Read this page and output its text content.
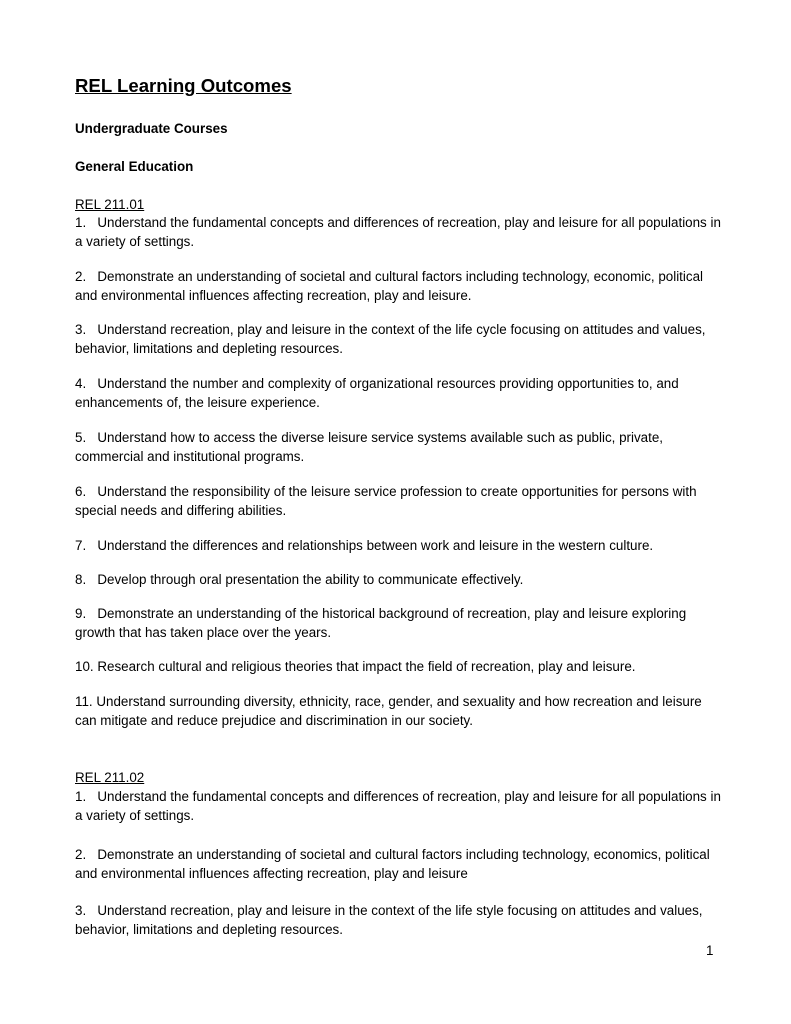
REL Learning Outcomes
Undergraduate Courses
General Education
REL 211.01

1.   Understand the fundamental concepts and differences of recreation, play and leisure for all populations in a variety of settings.

2.   Demonstrate an understanding of societal and cultural factors including technology, economic, political and environmental influences affecting recreation, play and leisure.

3.   Understand recreation, play and leisure in the context of the life cycle focusing on attitudes and values, behavior, limitations and depleting resources.

4.   Understand the number and complexity of organizational resources providing opportunities to, and enhancements of, the leisure experience.

5.   Understand how to access the diverse leisure service systems available such as public, private, commercial and institutional programs.

6.   Understand the responsibility of the leisure service profession to create opportunities for persons with special needs and differing abilities.

7.   Understand the differences and relationships between work and leisure in the western culture.

8.   Develop through oral presentation the ability to communicate effectively.

9.   Demonstrate an understanding of the historical background of recreation, play and leisure exploring growth that has taken place over the years.

10. Research cultural and religious theories that impact the field of recreation, play and leisure.

11. Understand surrounding diversity, ethnicity, race, gender, and sexuality and how recreation and leisure can mitigate and reduce prejudice and discrimination in our society.

REL 211.02

1.   Understand the fundamental concepts and differences of recreation, play and leisure for all populations in a variety of settings.

2.   Demonstrate an understanding of societal and cultural factors including technology, economics, political and environmental influences affecting recreation, play and leisure

3.   Understand recreation, play and leisure in the context of the life style focusing on attitudes and values, behavior, limitations and depleting resources.

1
